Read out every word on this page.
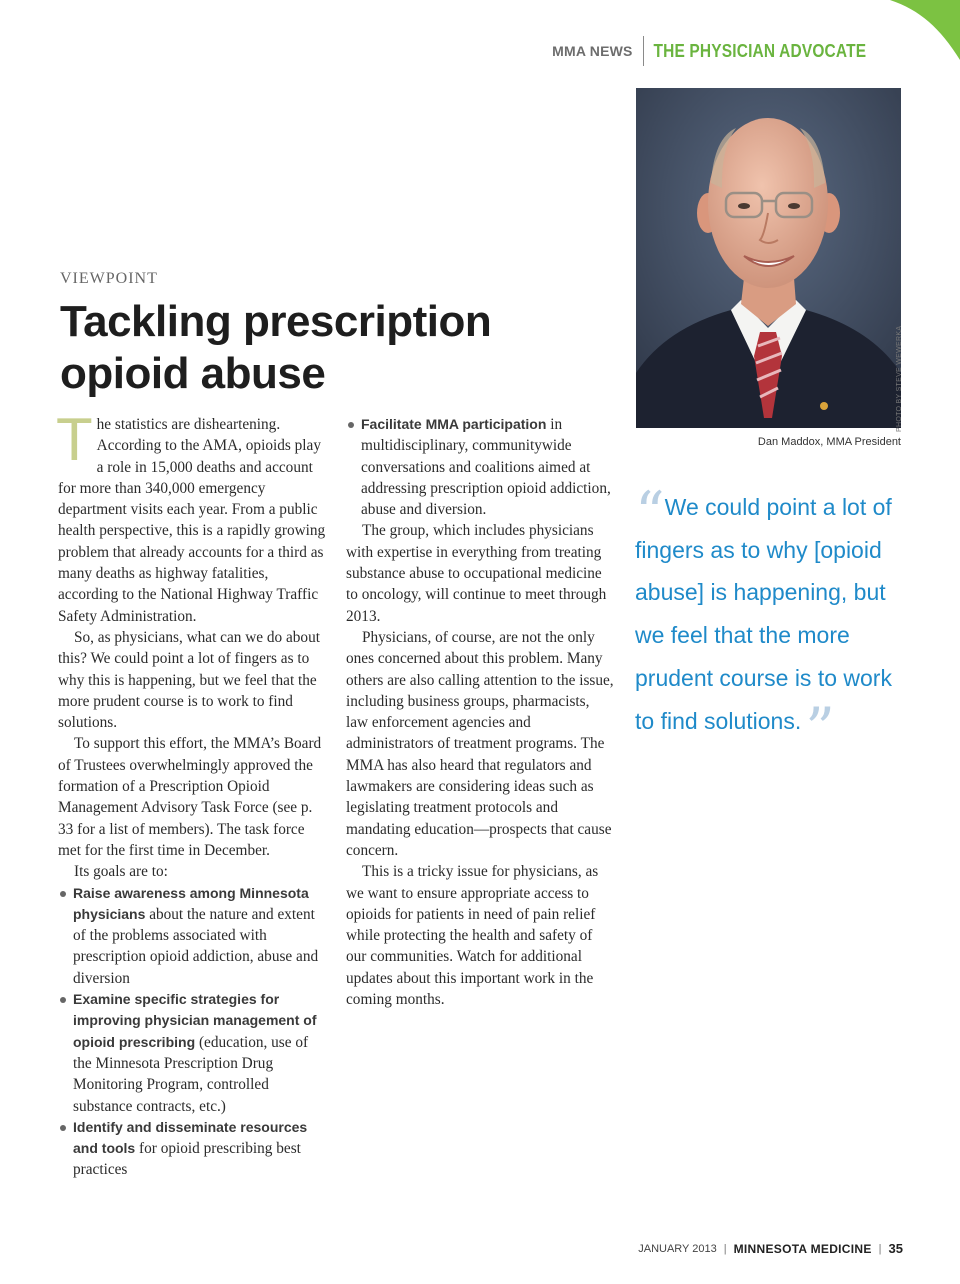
MMA NEWS	THE PHYSICIAN ADVOCATE
PHOTO BY STEVE WEWERKA
Dan Maddox, MMA President
VIEWPOINT
Tackling prescription opioid abuse

The statistics are disheartening. According to the AMA, opioids play a role in 15,000 deaths and account for more than 340,000 emergency department visits each year. From a public health perspective, this is a rapidly growing problem that already accounts for a third as many deaths as highway fatalities, according to the National Highway Traffic Safety Administration.

So, as physicians, what can we do about this? We could point a lot of fingers as to why this is happening, but we feel that the more prudent course is to work to find solutions.

To support this effort, the MMA’s Board of Trustees overwhelmingly approved the formation of a Prescription Opioid Management Advisory Task Force (see p. 33 for a list of members). The task force met for the first time in December.

Its goals are to:

Raise awareness among Minnesota physicians about the nature and extent of the problems associated with prescription opioid addiction, abuse and diversion
Examine specific strategies for improving physician management of opioid prescribing (education, use of the Minnesota Prescription Drug Monitoring Program, controlled substance contracts, etc.)
Identify and disseminate resources and tools for opioid prescribing best practices
Facilitate MMA participation in multidisciplinary, communitywide conversations and coalitions aimed at addressing prescription opioid addiction, abuse and diversion.

The group, which includes physicians with expertise in everything from treating substance abuse to occupational medicine to oncology, will continue to meet through 2013.

Physicians, of course, are not the only ones concerned about this problem. Many others are also calling attention to the issue, including business groups, pharmacists, law enforcement agencies and administrators of treatment programs. The MMA has also heard that regulators and lawmakers are considering ideas such as legislating treatment protocols and mandating education—prospects that cause concern.

This is a tricky issue for physicians, as we want to ensure appropriate access to opioids for patients in need of pain relief while protecting the health and safety of our communities. Watch for additional updates about this important work in the coming months.

“ We could point a lot of fingers as to why [opioid abuse] is happening, but we feel that the more prudent course is to work to find solutions.”
JANUARY 2013 | MINNESOTA MEDICINE | 35
